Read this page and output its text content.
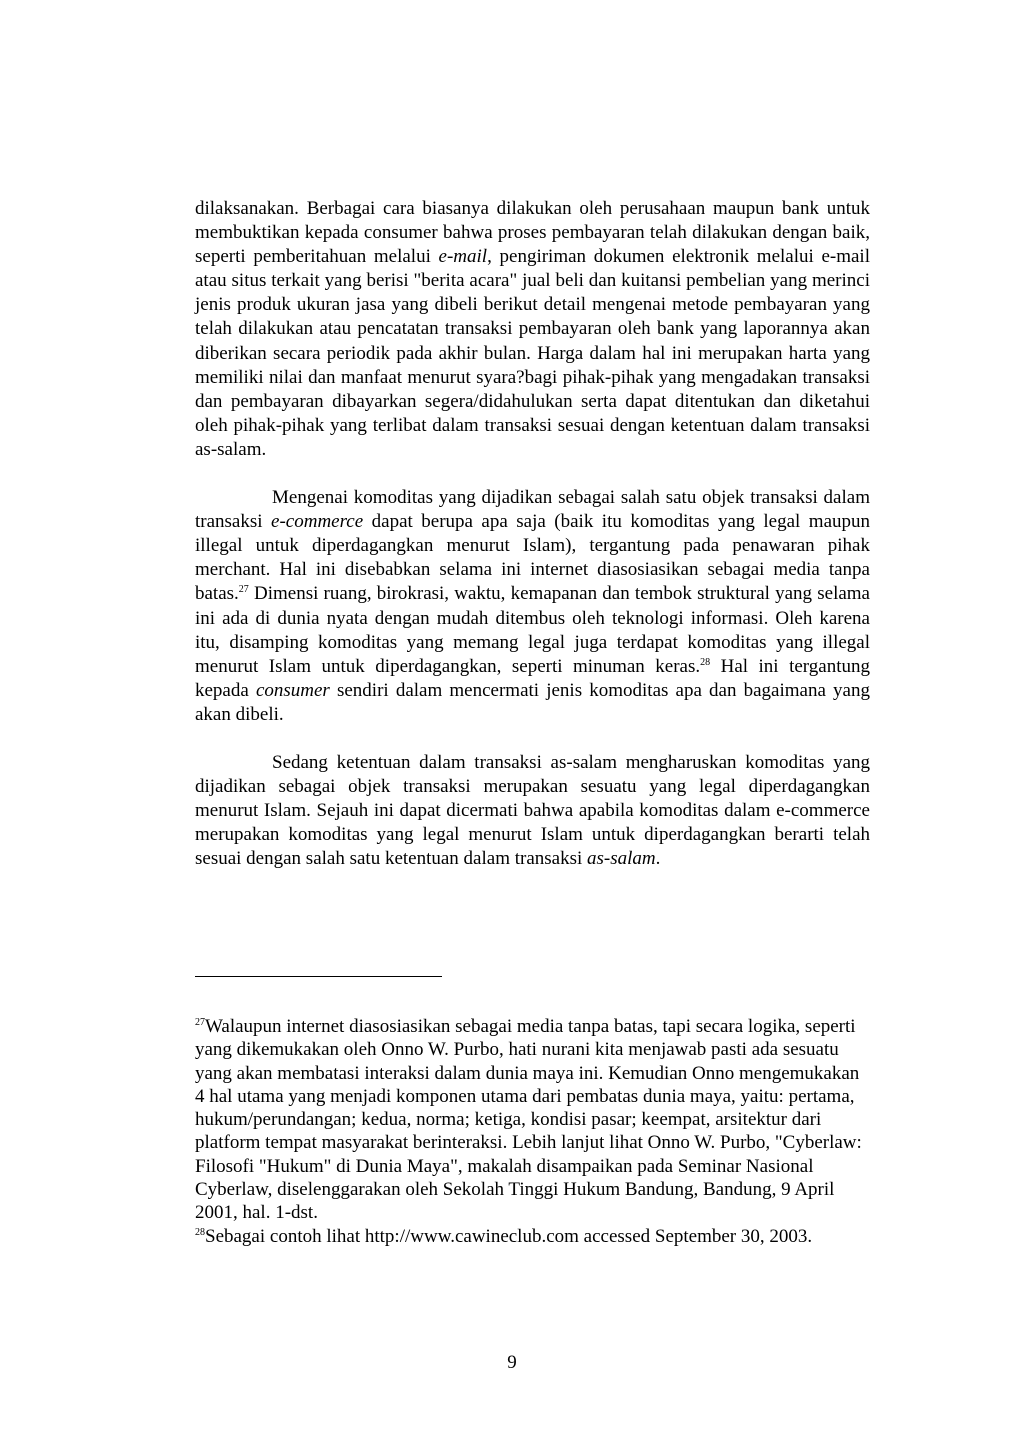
dilaksanakan. Berbagai cara biasanya dilakukan oleh perusahaan maupun bank untuk membuktikan kepada consumer bahwa proses pembayaran telah dilakukan dengan baik, seperti pemberitahuan melalui e-mail, pengiriman dokumen elektronik melalui e-mail atau situs terkait yang berisi "berita acara" jual beli dan kuitansi pembelian yang merinci jenis produk ukuran jasa yang dibeli berikut detail mengenai metode pembayaran yang telah dilakukan atau pencatatan transaksi pembayaran oleh bank yang laporannya akan diberikan secara periodik pada akhir bulan. Harga dalam hal ini merupakan harta yang memiliki nilai dan manfaat menurut syara?bagi pihak-pihak yang mengadakan transaksi dan pembayaran dibayarkan segera/didahulukan serta dapat ditentukan dan diketahui oleh pihak-pihak yang terlibat dalam transaksi sesuai dengan ketentuan dalam transaksi as-salam.

Mengenai komoditas yang dijadikan sebagai salah satu objek transaksi dalam transaksi e-commerce dapat berupa apa saja (baik itu komoditas yang legal maupun illegal untuk diperdagangkan menurut Islam), tergantung pada penawaran pihak merchant. Hal ini disebabkan selama ini internet diasosiasikan sebagai media tanpa batas.$^{27}$ Dimensi ruang, birokrasi, waktu, kemapanan dan tembok struktural yang selama ini ada di dunia nyata dengan mudah ditembus oleh teknologi informasi. Oleh karena itu, disamping komoditas yang memang legal juga terdapat komoditas yang illegal menurut Islam untuk diperdagangkan, seperti minuman keras.$^{28}$ Hal ini tergantung kepada consumer sendiri dalam mencermati jenis komoditas apa dan bagaimana yang akan dibeli.

Sedang ketentuan dalam transaksi as-salam mengharuskan komoditas yang dijadikan sebagai objek transaksi merupakan sesuatu yang legal diperdagangkan menurut Islam. Sejauh ini dapat dicermati bahwa apabila komoditas dalam e-commerce merupakan komoditas yang legal menurut Islam untuk diperdagangkan berarti telah sesuai dengan salah satu ketentuan dalam transaksi as-salam.

$^{27}$Walaupun internet diasosiasikan sebagai media tanpa batas, tapi secara logika, seperti yang dikemukakan oleh Onno W. Purbo, hati nurani kita menjawab pasti ada sesuatu yang akan membatasi interaksi dalam dunia maya ini. Kemudian Onno mengemukakan 4 hal utama yang menjadi komponen utama dari pembatas dunia maya, yaitu: pertama, hukum/perundangan; kedua, norma; ketiga, kondisi pasar; keempat, arsitektur dari platform tempat masyarakat berinteraksi. Lebih lanjut lihat Onno W. Purbo, "Cyberlaw: Filosofi "Hukum" di Dunia Maya", makalah disampaikan pada Seminar Nasional Cyberlaw, diselenggarakan oleh Sekolah Tinggi Hukum Bandung, Bandung, 9 April 2001, hal. 1-dst.

$^{28}$Sebagai contoh lihat http://www.cawineclub.com accessed September 30, 2003.

9
